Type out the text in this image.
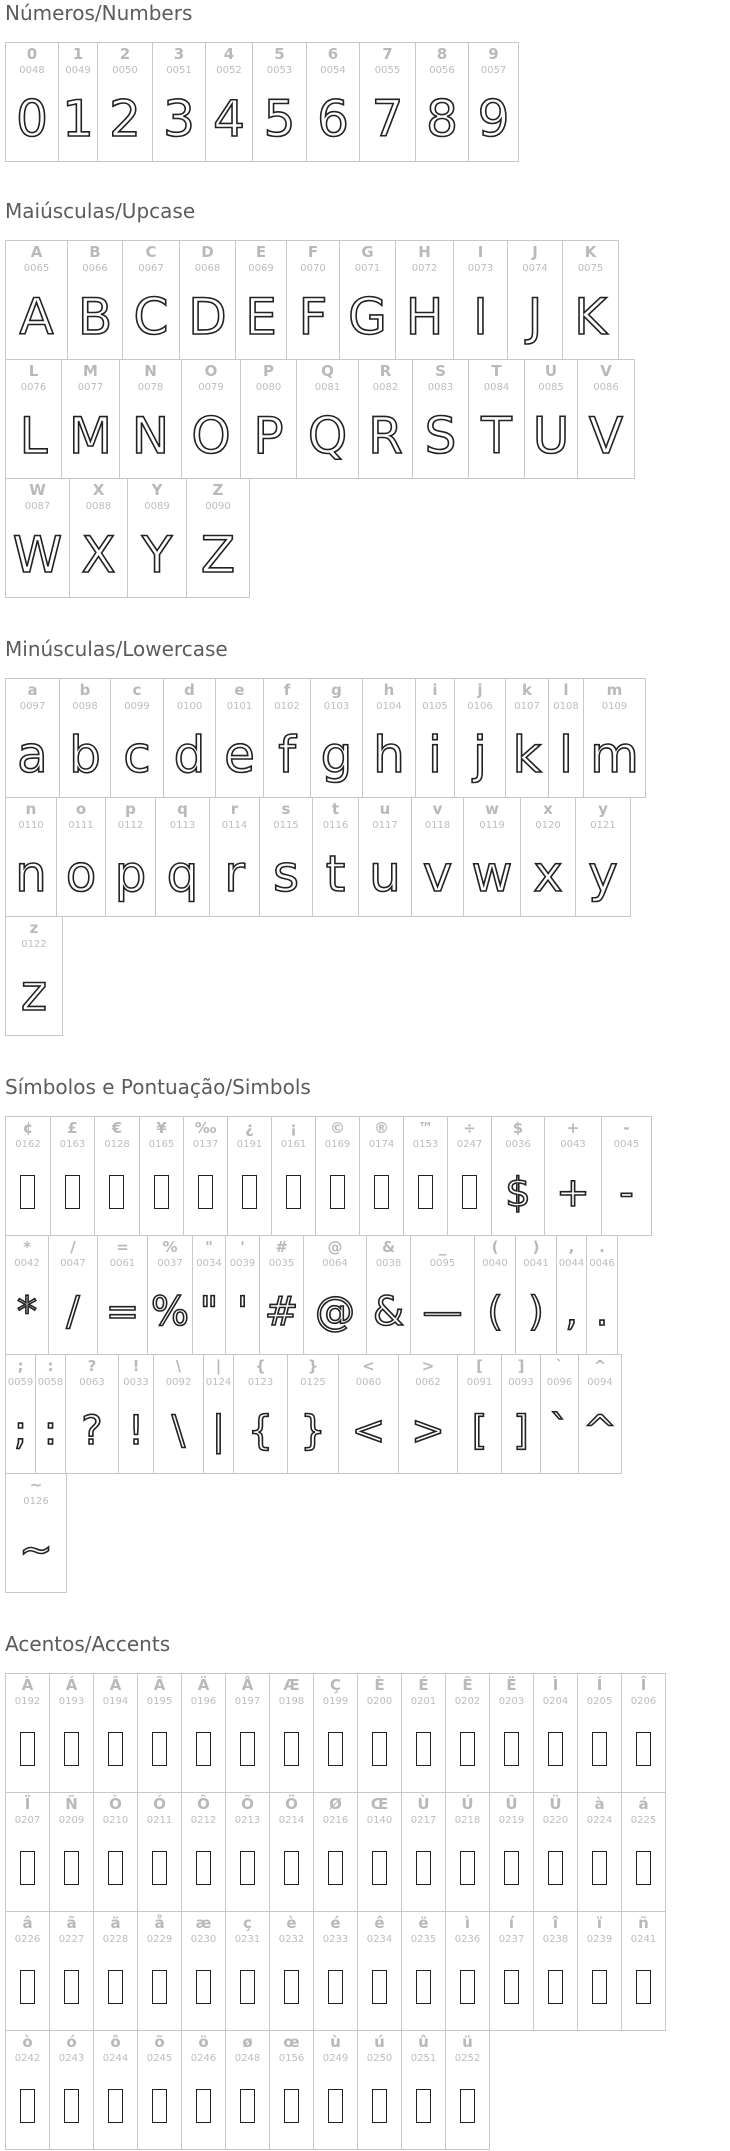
Números/Numbers
0
0048
0
1
0049
1
2
0050
2
3
0051
3
4
0052
4
5
0053
5
6
0054
6
7
0055
7
8
0056
8
9
0057
9
Maiúsculas/Upcase
A
0065
A
B
0066
B
C
0067
C
D
0068
D
E
0069
E
F
0070
F
G
0071
G
H
0072
H
I
0073
I
J
0074
J
K
0075
K
L
0076
L
M
0077
M
N
0078
N
O
0079
O
P
0080
P
Q
0081
Q
R
0082
R
S
0083
S
T
0084
T
U
0085
U
V
0086
V
W
0087
W
X
0088
X
Y
0089
Y
Z
0090
Z
Minúsculas/Lowercase
a
0097
a
b
0098
b
c
0099
c
d
0100
d
e
0101
e
f
0102
f
g
0103
g
h
0104
h
i
0105
i
j
0106
j
k
0107
k
l
0108
l
m
0109
m
n
0110
n
o
0111
o
p
0112
p
q
0113
q
r
0114
r
s
0115
s
t
0116
t
u
0117
u
v
0118
v
w
0119
w
x
0120
x
y
0121
y
z
0122
z
Símbolos e Pontuação/Simbols
¢
0162
£
0163
€
0128
¥
0165
‰
0137
¿
0191
¡
0161
©
0169
®
0174
™
0153
÷
0247
$
0036
$
+
0043
+
-
0045
-
*
0042
*
/
0047
/
=
0061
=
%
0037
%
"
0034
"
'
0039
'
#
0035
#
@
0064
@
&
0038
&
_
0095
—
(
0040
(
)
0041
)
,
0044
,
.
0046
.
;
0059
;
:
0058
:
?
0063
?
!
0033
!
\
0092
\
|
0124
|
{
0123
{
}
0125
}
<
0060
<
>
0062
>
[
0091
[
]
0093
]
`
0096
`
^
0094
^
~
0126
~
Acentos/Accents
À
0192
Á
0193
Â
0194
Ã
0195
Ä
0196
Å
0197
Æ
0198
Ç
0199
È
0200
É
0201
Ê
0202
Ë
0203
Ì
0204
Í
0205
Î
0206
Ï
0207
Ñ
0209
Ò
0210
Ó
0211
Ô
0212
Õ
0213
Ö
0214
Ø
0216
Œ
0140
Ù
0217
Ú
0218
Û
0219
Ü
0220
à
0224
á
0225
â
0226
ã
0227
ä
0228
å
0229
æ
0230
ç
0231
è
0232
é
0233
ê
0234
ë
0235
ì
0236
í
0237
î
0238
ï
0239
ñ
0241
ò
0242
ó
0243
ô
0244
õ
0245
ö
0246
ø
0248
œ
0156
ù
0249
ú
0250
û
0251
ü
0252
